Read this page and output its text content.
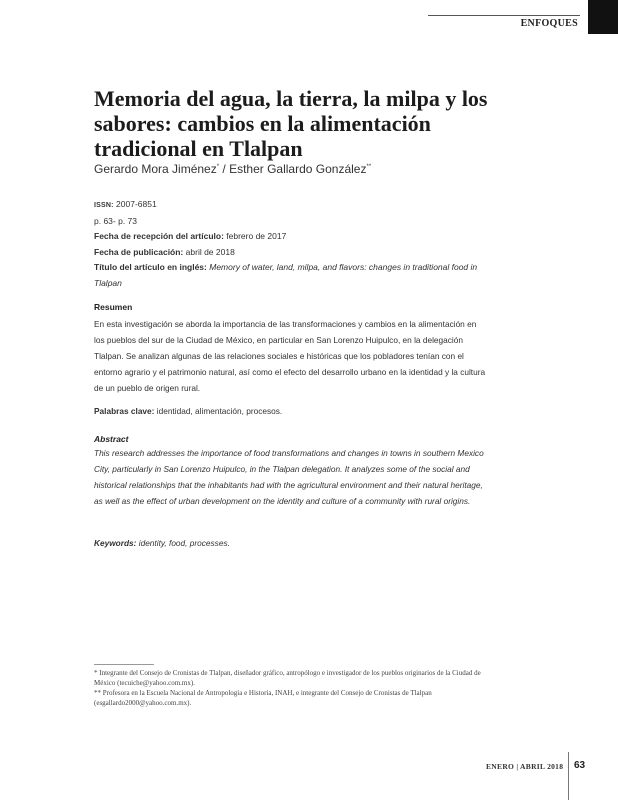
ENFOQUES
Memoria del agua, la tierra, la milpa y los sabores: cambios en la alimentación tradicional en Tlalpan
Gerardo Mora Jiménez* / Esther Gallardo González**
ISSN: 2007-6851
p. 63- p. 73
Fecha de recepción del artículo: febrero de 2017
Fecha de publicación: abril de 2018
Título del artículo en inglés: Memory of water, land, milpa, and flavors: changes in traditional food in Tlalpan
Resumen

En esta investigación se aborda la importancia de las transformaciones y cambios en la alimentación en los pueblos del sur de la Ciudad de México, en particular en San Lorenzo Huipulco, en la delegación Tlalpan. Se analizan algunas de las relaciones sociales e históricas que los pobladores tenían con el entorno agrario y el patrimonio natural, así como el efecto del desarrollo urbano en la identidad y la cultura de un pueblo de origen rural.

Palabras clave: identidad, alimentación, procesos.
Abstract

This research addresses the importance of food transformations and changes in towns in southern Mexico City, particularly in San Lorenzo Huipulco, in the Tlalpan delegation. It analyzes some of the social and historical relationships that the inhabitants had with the agricultural environment and their natural heritage, as well as the effect of urban development on the identity and culture of a community with rural origins.

Keywords: identity, food, processes.

* Integrante del Consejo de Cronistas de Tlalpan, diseñador gráfico, antropólogo e investigador de los pueblos originarios de la Ciudad de México (tecuiche@yahoo.com.mx).

** Profesora en la Escuela Nacional de Antropología e Historia, INAH, e integrante del Consejo de Cronistas de Tlalpan (esgallardo2000@yahoo.com.mx).

ENERO | ABRIL 2018 63
